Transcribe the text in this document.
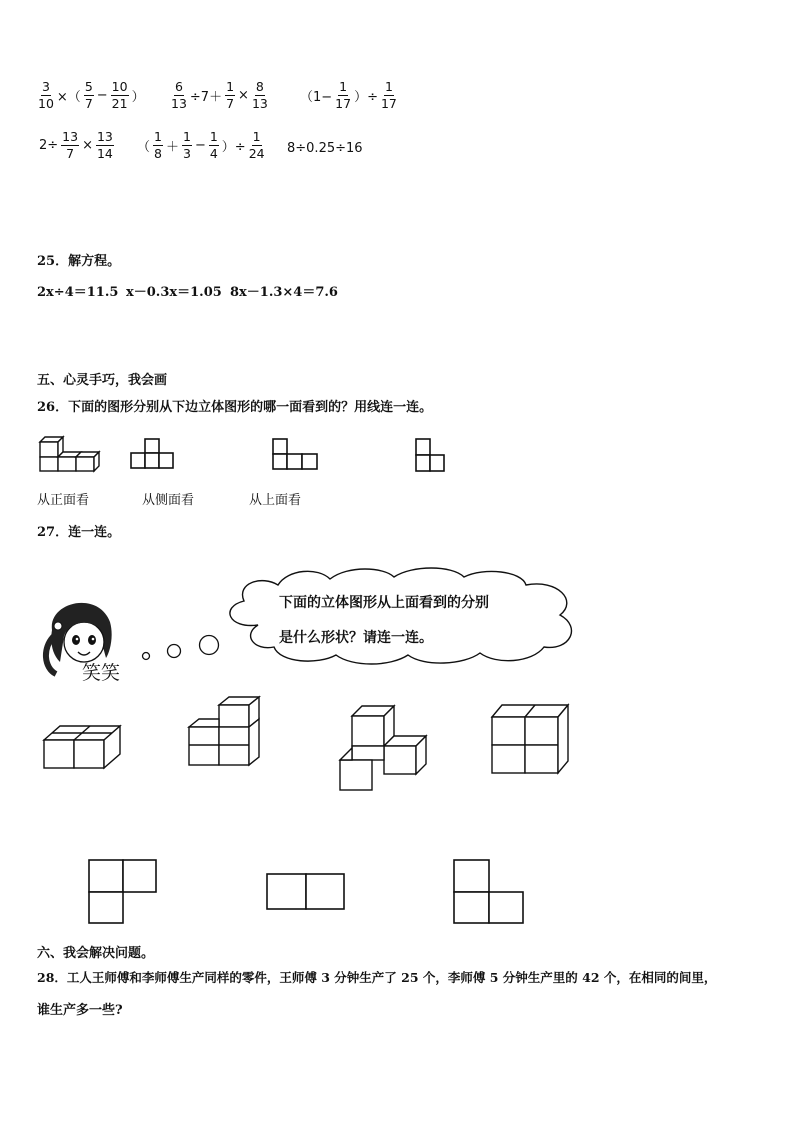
$\frac{3}{10}$ ×（ $\frac{5}{7} - \frac{10}{21}$ ） $\frac{6}{13} \div 7+ \frac{1}{7} \times \frac{8}{13} (1- \frac{1}{17}$ ）÷ $\frac{1}{17}$
$2\div \frac{13}{7} \times \frac{13}{14}$ （ $\frac{1}{8} + \frac{1}{3} - \frac{1}{4}$ ）÷ $\frac{1}{24} 8\div 0.25\div 16$
25．解方程。
2x÷4＝11.5 x－0.3x＝1.05 8x－1.3×4＝7.6
五、心灵手巧，我会画
26．下面的图形分别从下边立体图形的哪一面看到的？用线连一连。
从正面看	从侧面看	从上面看
27．连一连。
笑笑
下面的立体图形从上面看到的分别
是什么形状？请连一连。
六、我会解决问题。
28．工人王师傅和李师傅生产同样的零件，王师傅 3 分钟生产了 25 个，李师傅 5 分钟生产里的 42 个，在相同的间里，
谁生产多一些?
